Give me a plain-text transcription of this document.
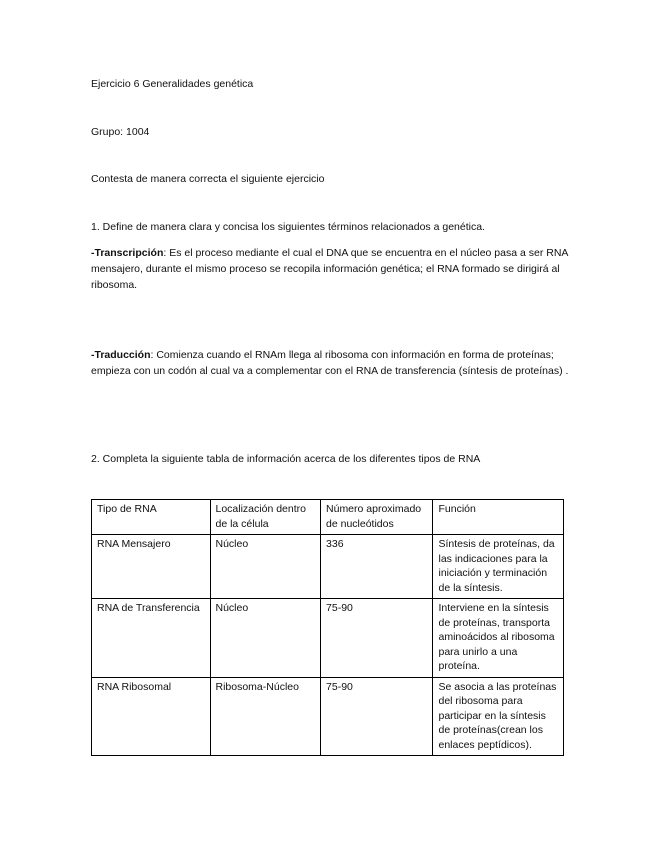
Ejercicio 6 Generalidades genética
Grupo: 1004
Contesta de manera correcta el siguiente ejercicio
1. Define de manera clara y concisa los siguientes términos relacionados a genética.
-Transcripción: Es el proceso mediante el cual el DNA que se encuentra en el núcleo pasa a ser RNA mensajero, durante el mismo proceso se recopila información genética; el RNA formado se dirigirá al ribosoma.
-Traducción: Comienza cuando el RNAm llega al ribosoma con información en forma de proteínas; empieza con un codón al cual va a complementar con el RNA de transferencia (síntesis de proteínas) .
2. Completa la siguiente tabla de información acerca de los diferentes tipos de RNA
Tipo de RNA	Localización dentro de la célula	Número aproximado de nucleótidos	Función
RNA Mensajero	Núcleo	336	Síntesis de proteínas, da las indicaciones para la iniciación y terminación de la síntesis.
RNA de Transferencia	Núcleo	75-90	Interviene en la síntesis de proteínas, transporta aminoácidos al ribosoma para unirlo a una proteína.
RNA Ribosomal	Ribosoma-Núcleo	75-90	Se asocia a las proteínas del ribosoma para participar en la síntesis de proteínas(crean los enlaces peptídicos).
